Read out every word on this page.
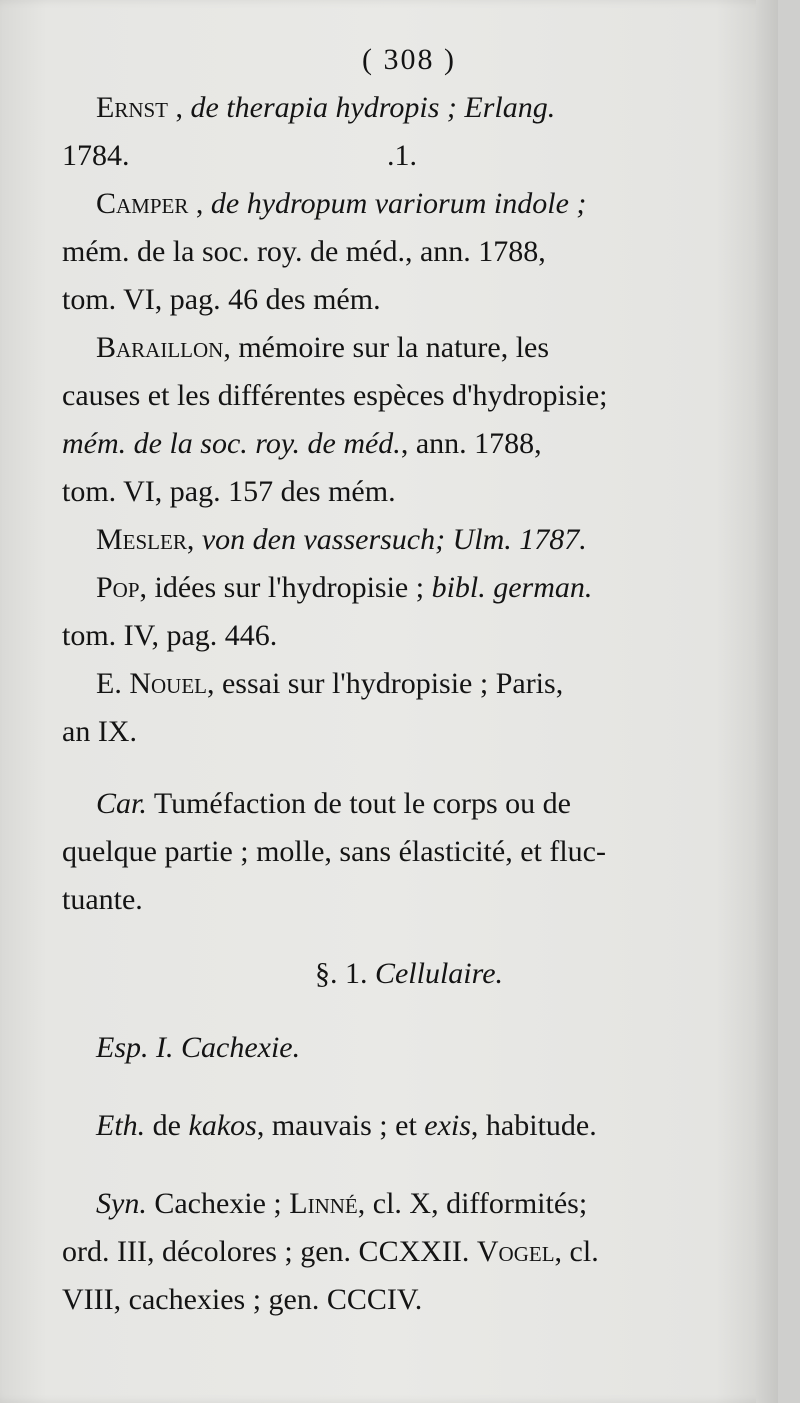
( 308 )
Ernst , de therapia hydropis ; Erlang.
1784.	.1.
Camper , de hydropum variorum indole ;
mém. de la soc. roy. de méd., ann. 1788,
tom. VI, pag. 46 des mém.
Baraillon, mémoire sur la nature, les
causes et les différentes espèces d'hydropisie;
mém. de la soc. roy. de méd., ann. 1788,
tom. VI, pag. 157 des mém.
Mesler, von den vassersuch; Ulm. 1787.
Pop, idées sur l'hydropisie ; bibl. german.
tom. IV, pag. 446.
E. Nouel, essai sur l'hydropisie ; Paris,
an IX.
Car. Tuméfaction de tout le corps ou de
quelque partie ; molle, sans élasticité, et fluc-
tuante.
§. 1. Cellulaire.
Esp. I. Cachexie.
Eth. de kakos, mauvais ; et exis, habitude.
Syn. Cachexie ; Linné, cl. X, difformités;
ord. III, décolores ; gen. CCXXII. Vogel, cl.
VIII, cachexies ; gen. CCCIV.
